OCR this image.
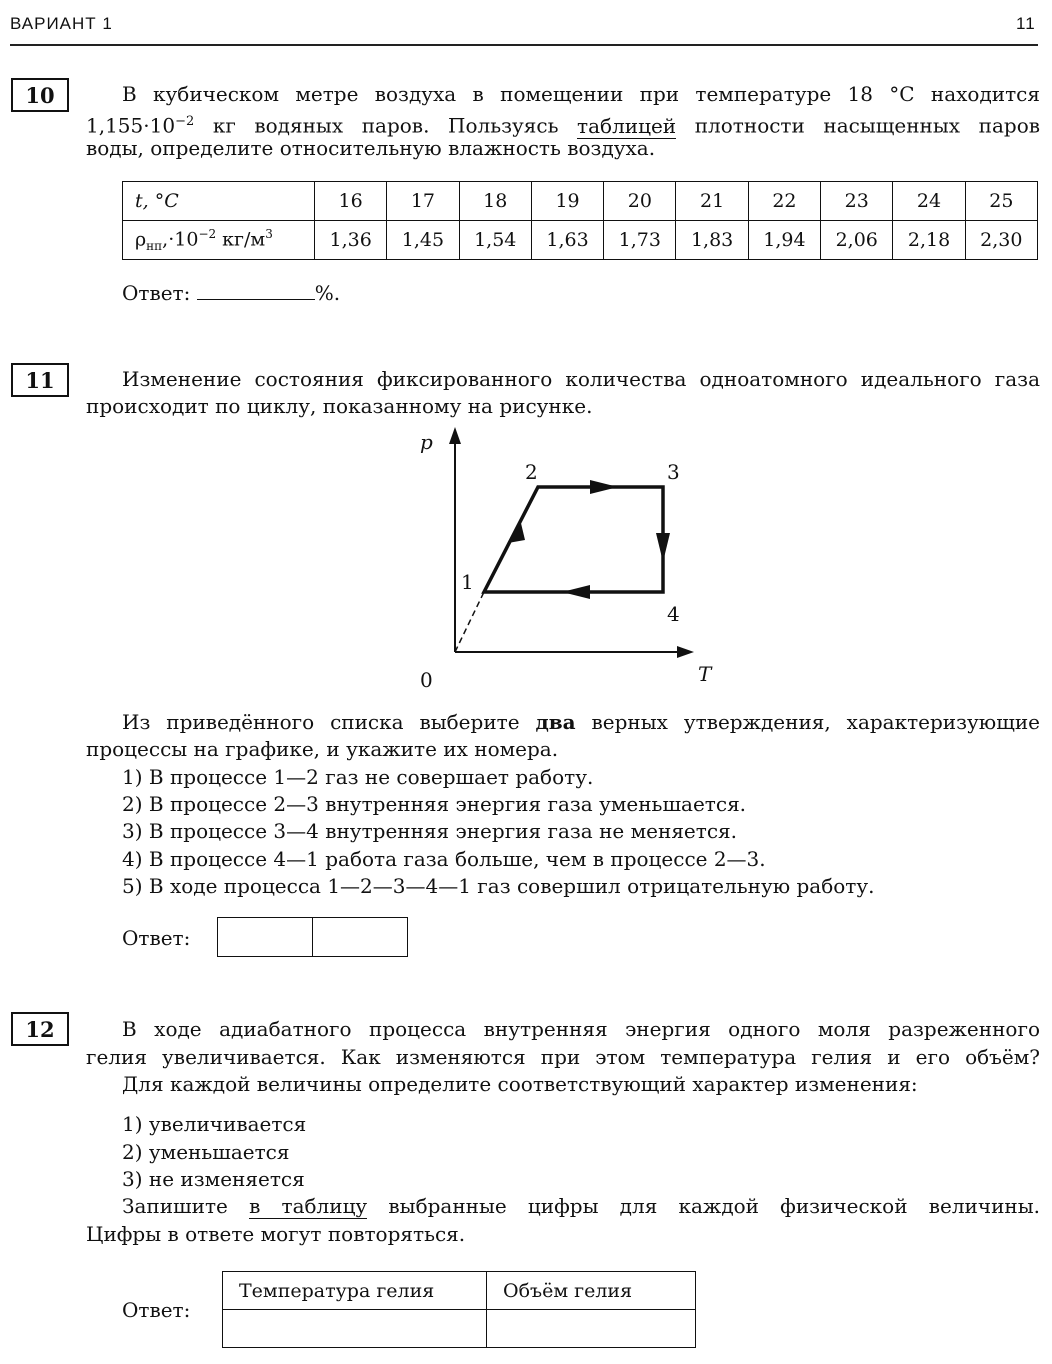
ВАРИАНТ 1	11
10	В кубическом метре воздуха в помещении при температуре 18 °C находится
$1,155\cdot 10^{-2}$ кг водяных паров. Пользуясь таблицей плотности насыщенных паров
воды, определите относительную влажность воздуха.
t, °C	16	17	18	19	20	21	22	23	24	25
$\rho_{нп},\cdot 10^{-2}$ $кг/м^3$	1,36	1,45	1,54	1,63	1,73	1,83	1,94	2,06	2,18	2,30
Ответ:	%.
11	Изменение состояния фиксированного количества одноатомного идеального газа
происходит по циклу, показанному на рисунке.
p
T
0
1
2	3
4
Из приведённого списка выберите два верных утверждения, характеризующие
процессы на графике, и укажите их номера.
1) В процессе 1—2 газ не совершает работу.
2) В процессе 2—3 внутренняя энергия газа уменьшается.
3) В процессе 3—4 внутренняя энергия газа не меняется.
4) В процессе 4—1 работа газа больше, чем в процессе 2—3.
5) В ходе процесса 1—2—3—4—1 газ совершил отрицательную работу.
Ответ:

12	В ходе адиабатного процесса внутренняя энергия одного моля разреженного
гелия увеличивается. Как изменяются при этом температура гелия и его объём?
Для каждой величины определите соответствующий характер изменения:
1) увеличивается
2) уменьшается
3) не изменяется
Запишите в таблицу выбранные цифры для каждой физической величины.
Цифры в ответе могут повторяться.
Ответ:
Температура гелия	Объём гелия
